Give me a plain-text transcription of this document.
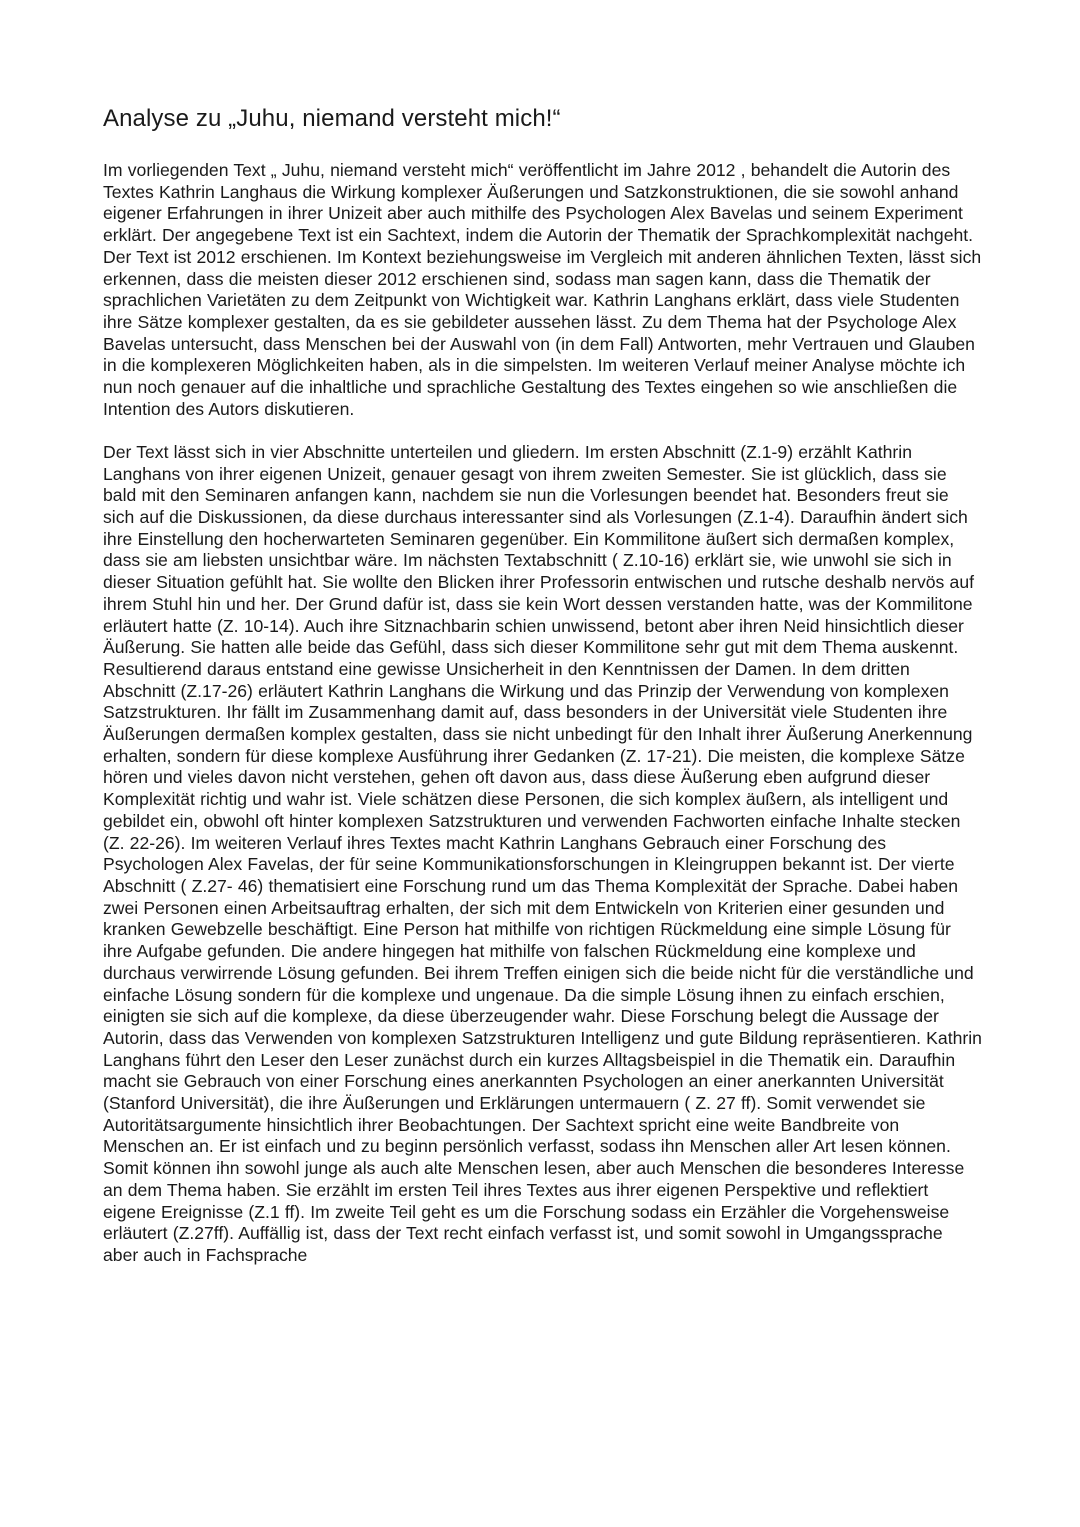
Analyse zu „Juhu, niemand versteht mich!“

Im vorliegenden Text „ Juhu, niemand versteht mich“ veröffentlicht im Jahre 2012 , behandelt die Autorin des Textes Kathrin Langhaus die Wirkung komplexer Äußerungen und Satzkonstruktionen, die sie sowohl anhand eigener Erfahrungen in ihrer Unizeit aber auch mithilfe des Psychologen Alex Bavelas und seinem Experiment erklärt. Der angegebene Text ist ein Sachtext, indem die Autorin der Thematik der Sprachkomplexität nachgeht. Der Text ist 2012 erschienen. Im Kontext beziehungsweise im Vergleich mit anderen ähnlichen Texten, lässt sich erkennen, dass die meisten dieser 2012 erschienen sind, sodass man sagen kann, dass die Thematik der sprachlichen Varietäten zu dem Zeitpunkt von Wichtigkeit war. Kathrin Langhans erklärt, dass viele Studenten ihre Sätze komplexer gestalten, da es sie gebildeter aussehen lässt. Zu dem Thema hat der Psychologe Alex Bavelas untersucht, dass Menschen bei der Auswahl von (in dem Fall) Antworten, mehr Vertrauen und Glauben in die komplexeren Möglichkeiten haben, als in die simpelsten. Im weiteren Verlauf meiner Analyse möchte ich nun noch genauer auf die inhaltliche und sprachliche Gestaltung des Textes eingehen so wie anschließen die Intention des Autors diskutieren.

Der Text lässt sich in vier Abschnitte unterteilen und gliedern. Im ersten Abschnitt (Z.1-9) erzählt Kathrin Langhans von ihrer eigenen Unizeit, genauer gesagt von ihrem zweiten Semester. Sie ist glücklich, dass sie bald mit den Seminaren anfangen kann, nachdem sie nun die Vorlesungen beendet hat. Besonders freut sie sich auf die Diskussionen, da diese durchaus interessanter sind als Vorlesungen (Z.1-4). Daraufhin ändert sich ihre Einstellung den hocherwarteten Seminaren gegenüber. Ein Kommilitone äußert sich dermaßen komplex, dass sie am liebsten unsichtbar wäre. Im nächsten Textabschnitt ( Z.10-16) erklärt sie, wie unwohl sie sich in dieser Situation gefühlt hat. Sie wollte den Blicken ihrer Professorin entwischen und rutsche deshalb nervös auf ihrem Stuhl hin und her. Der Grund dafür ist, dass sie kein Wort dessen verstanden hatte, was der Kommilitone erläutert hatte (Z. 10-14). Auch ihre Sitznachbarin schien unwissend, betont aber ihren Neid hinsichtlich dieser Äußerung. Sie hatten alle beide das Gefühl, dass sich dieser Kommilitone sehr gut mit dem Thema auskennt. Resultierend daraus entstand eine gewisse Unsicherheit in den Kenntnissen der Damen. In dem dritten Abschnitt (Z.17-26) erläutert Kathrin Langhans die Wirkung und das Prinzip der Verwendung von komplexen Satzstrukturen. Ihr fällt im Zusammenhang damit auf, dass besonders in der Universität viele Studenten ihre Äußerungen dermaßen komplex gestalten, dass sie nicht unbedingt für den Inhalt ihrer Äußerung Anerkennung erhalten, sondern für diese komplexe Ausführung ihrer Gedanken (Z. 17-21). Die meisten, die komplexe Sätze hören und vieles davon nicht verstehen, gehen oft davon aus, dass diese Äußerung eben aufgrund dieser Komplexität richtig und wahr ist. Viele schätzen diese Personen, die sich komplex äußern, als intelligent und gebildet ein, obwohl oft hinter komplexen Satzstrukturen und verwenden Fachworten einfache Inhalte stecken (Z. 22-26). Im weiteren Verlauf ihres Textes macht Kathrin Langhans Gebrauch einer Forschung des Psychologen Alex Favelas, der für seine Kommunikationsforschungen in Kleingruppen bekannt ist. Der vierte Abschnitt ( Z.27- 46) thematisiert eine Forschung rund um das Thema Komplexität der Sprache. Dabei haben zwei Personen einen Arbeitsauftrag erhalten, der sich mit dem Entwickeln von Kriterien einer gesunden und kranken Gewebzelle beschäftigt. Eine Person hat mithilfe von richtigen Rückmeldung eine simple Lösung für ihre Aufgabe gefunden. Die andere hingegen hat mithilfe von falschen Rückmeldung eine komplexe und durchaus verwirrende Lösung gefunden. Bei ihrem Treffen einigen sich die beide nicht für die verständliche und einfache Lösung sondern für die komplexe und ungenaue. Da die simple Lösung ihnen zu einfach erschien, einigten sie sich auf die komplexe, da diese überzeugender wahr. Diese Forschung belegt die Aussage der Autorin, dass das Verwenden von komplexen Satzstrukturen Intelligenz und gute Bildung repräsentieren. Kathrin Langhans führt den Leser den Leser zunächst durch ein kurzes Alltagsbeispiel in die Thematik ein. Daraufhin macht sie Gebrauch von einer Forschung eines anerkannten Psychologen an einer anerkannten Universität (Stanford Universität), die ihre Äußerungen und Erklärungen untermauern ( Z. 27 ff). Somit verwendet sie Autoritätsargumente hinsichtlich ihrer Beobachtungen. Der Sachtext spricht eine weite Bandbreite von Menschen an. Er ist einfach und zu beginn persönlich verfasst, sodass ihn Menschen aller Art lesen können. Somit können ihn sowohl junge als auch alte Menschen lesen, aber auch Menschen die besonderes Interesse an dem Thema haben. Sie erzählt im ersten Teil ihres Textes aus ihrer eigenen Perspektive und reflektiert eigene Ereignisse (Z.1 ff). Im zweite Teil geht es um die Forschung sodass ein Erzähler die Vorgehensweise erläutert (Z.27ff). Auffällig ist, dass der Text recht einfach verfasst ist, und somit sowohl in Umgangssprache aber auch in Fachsprache
